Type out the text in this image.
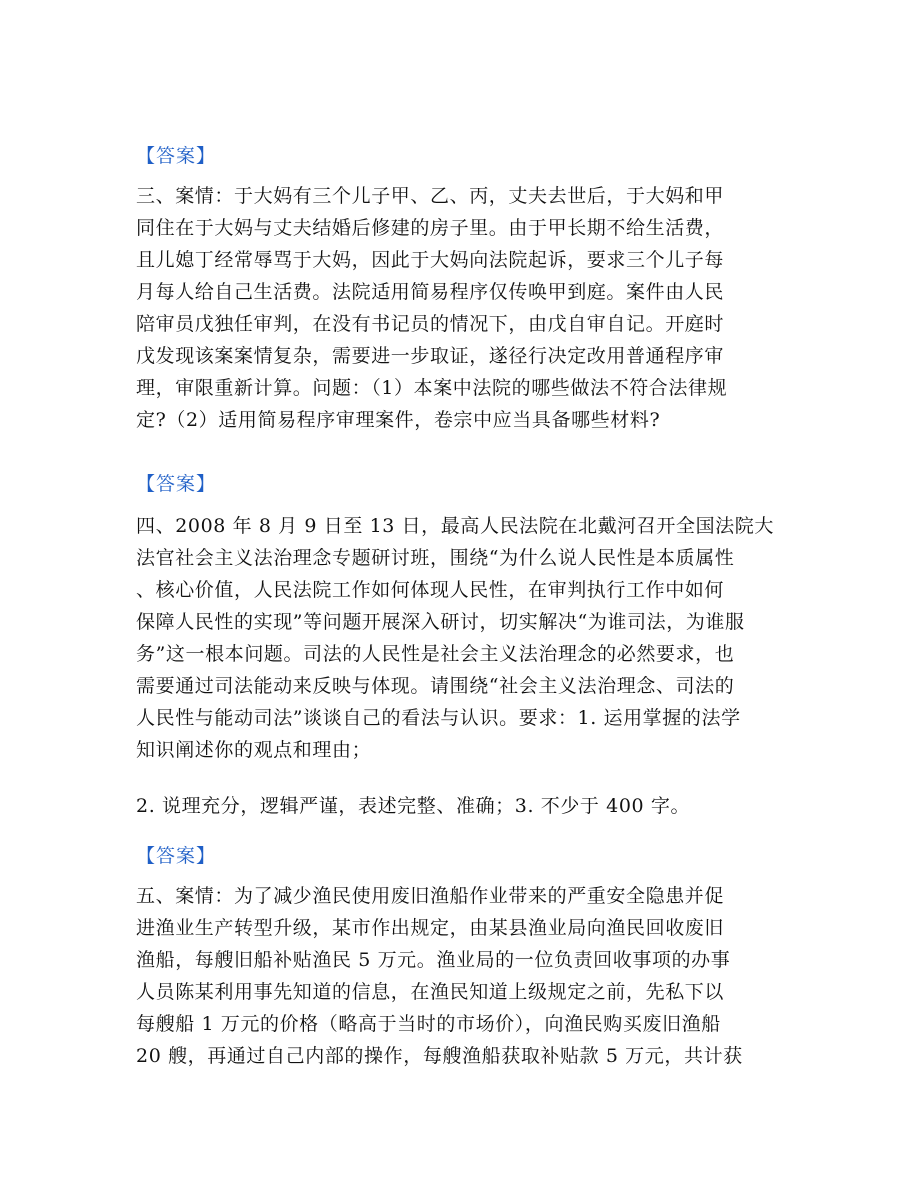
【答案】
三、案情：于大妈有三个儿子甲、乙、丙，丈夫去世后，于大妈和甲
同住在于大妈与丈夫结婚后修建的房子里。由于甲长期不给生活费，
且儿媳丁经常辱骂于大妈，因此于大妈向法院起诉，要求三个儿子每
月每人给自己生活费。法院适用简易程序仅传唤甲到庭。案件由人民
陪审员戊独任审判，在没有书记员的情况下，由戊自审自记。开庭时
戊发现该案案情复杂，需要进一步取证，遂径行决定改用普通程序审
理，审限重新计算。问题：（1）本案中法院的哪些做法不符合法律规
定?（2）适用简易程序审理案件，卷宗中应当具备哪些材料?
【答案】
四、2008 年 8 月 9 日至 13 日，最高人民法院在北戴河召开全国法院大
法官社会主义法治理念专题研讨班，围绕“为什么说人民性是本质属性
、核心价值，人民法院工作如何体现人民性，在审判执行工作中如何
保障人民性的实现”等问题开展深入研讨，切实解决“为谁司法，为谁服
务”这一根本问题。司法的人民性是社会主义法治理念的必然要求，也
需要通过司法能动来反映与体现。请围绕“社会主义法治理念、司法的
人民性与能动司法”谈谈自己的看法与认识。要求：1. 运用掌握的法学
知识阐述你的观点和理由；
2. 说理充分，逻辑严谨，表述完整、准确；3. 不少于 400 字。
【答案】
五、案情：为了减少渔民使用废旧渔船作业带来的严重安全隐患并促
进渔业生产转型升级，某市作出规定，由某县渔业局向渔民回收废旧
渔船，每艘旧船补贴渔民 5 万元。渔业局的一位负责回收事项的办事
人员陈某利用事先知道的信息，在渔民知道上级规定之前，先私下以
每艘船 1 万元的价格（略高于当时的市场价），向渔民购买废旧渔船
20 艘，再通过自己内部的操作，每艘渔船获取补贴款 5 万元，共计获
